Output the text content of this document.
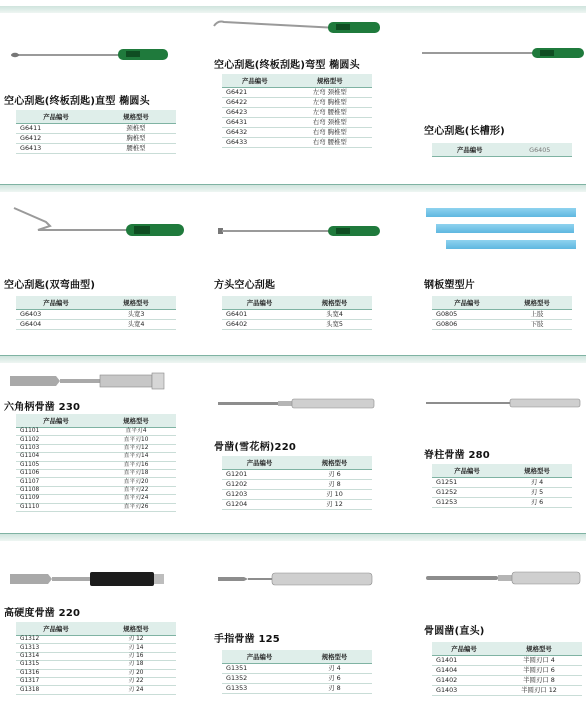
空心刮匙(终板刮匙)直型 椭圆头
产品编号	规格型号
G6411	颈椎型
G6412	胸椎型
G6413	腰椎型
空心刮匙(终板刮匙)弯型 椭圆头
产品编号	规格型号
G6421	左弯 颈椎型
G6422	左弯 胸椎型
G6423	左弯 腰椎型
G6431	右弯 颈椎型
G6432	右弯 胸椎型
G6433	右弯 腰椎型
空心刮匙(长槽形)
产品编号	G6405
空心刮匙(双弯曲型)
产品编号	规格型号
G6403	头宽3
G6404	头宽4
方头空心刮匙
产品编号	规格型号
G6401	头宽4
G6402	头宽5
钢板塑型片
产品编号	规格型号
G0805	上肢
G0806	下肢
六角柄骨凿 230
产品编号	规格型号
G1101	直平刃4
G1102	直平刃10
G1103	直平刃12
G1104	直平刃14
G1105	直平刃16
G1106	直平刃18
G1107	直平刃20
G1108	直平刃22
G1109	直平刃24
G1110	直平刃26
骨凿(雪花柄)220
产品编号	规格型号
G1201	刃 6
G1202	刃 8
G1203	刃 10
G1204	刃 12
脊柱骨凿 280
产品编号	规格型号
G1251	刃 4
G1252	刃 5
G1253	刃 6
高硬度骨凿 220
产品编号	规格型号
G1312	刃 12
G1313	刃 14
G1314	刃 16
G1315	刃 18
G1316	刃 20
G1317	刃 22
G1318	刃 24
手指骨凿 125
产品编号	规格型号
G1351	刃 4
G1352	刃 6
G1353	刃 8
骨圆凿(直头)
产品编号	规格型号
G1401	半圆刃口 4
G1404	半圆刃口 6
G1402	半圆刃口 8
G1403	半圆刃口 12
